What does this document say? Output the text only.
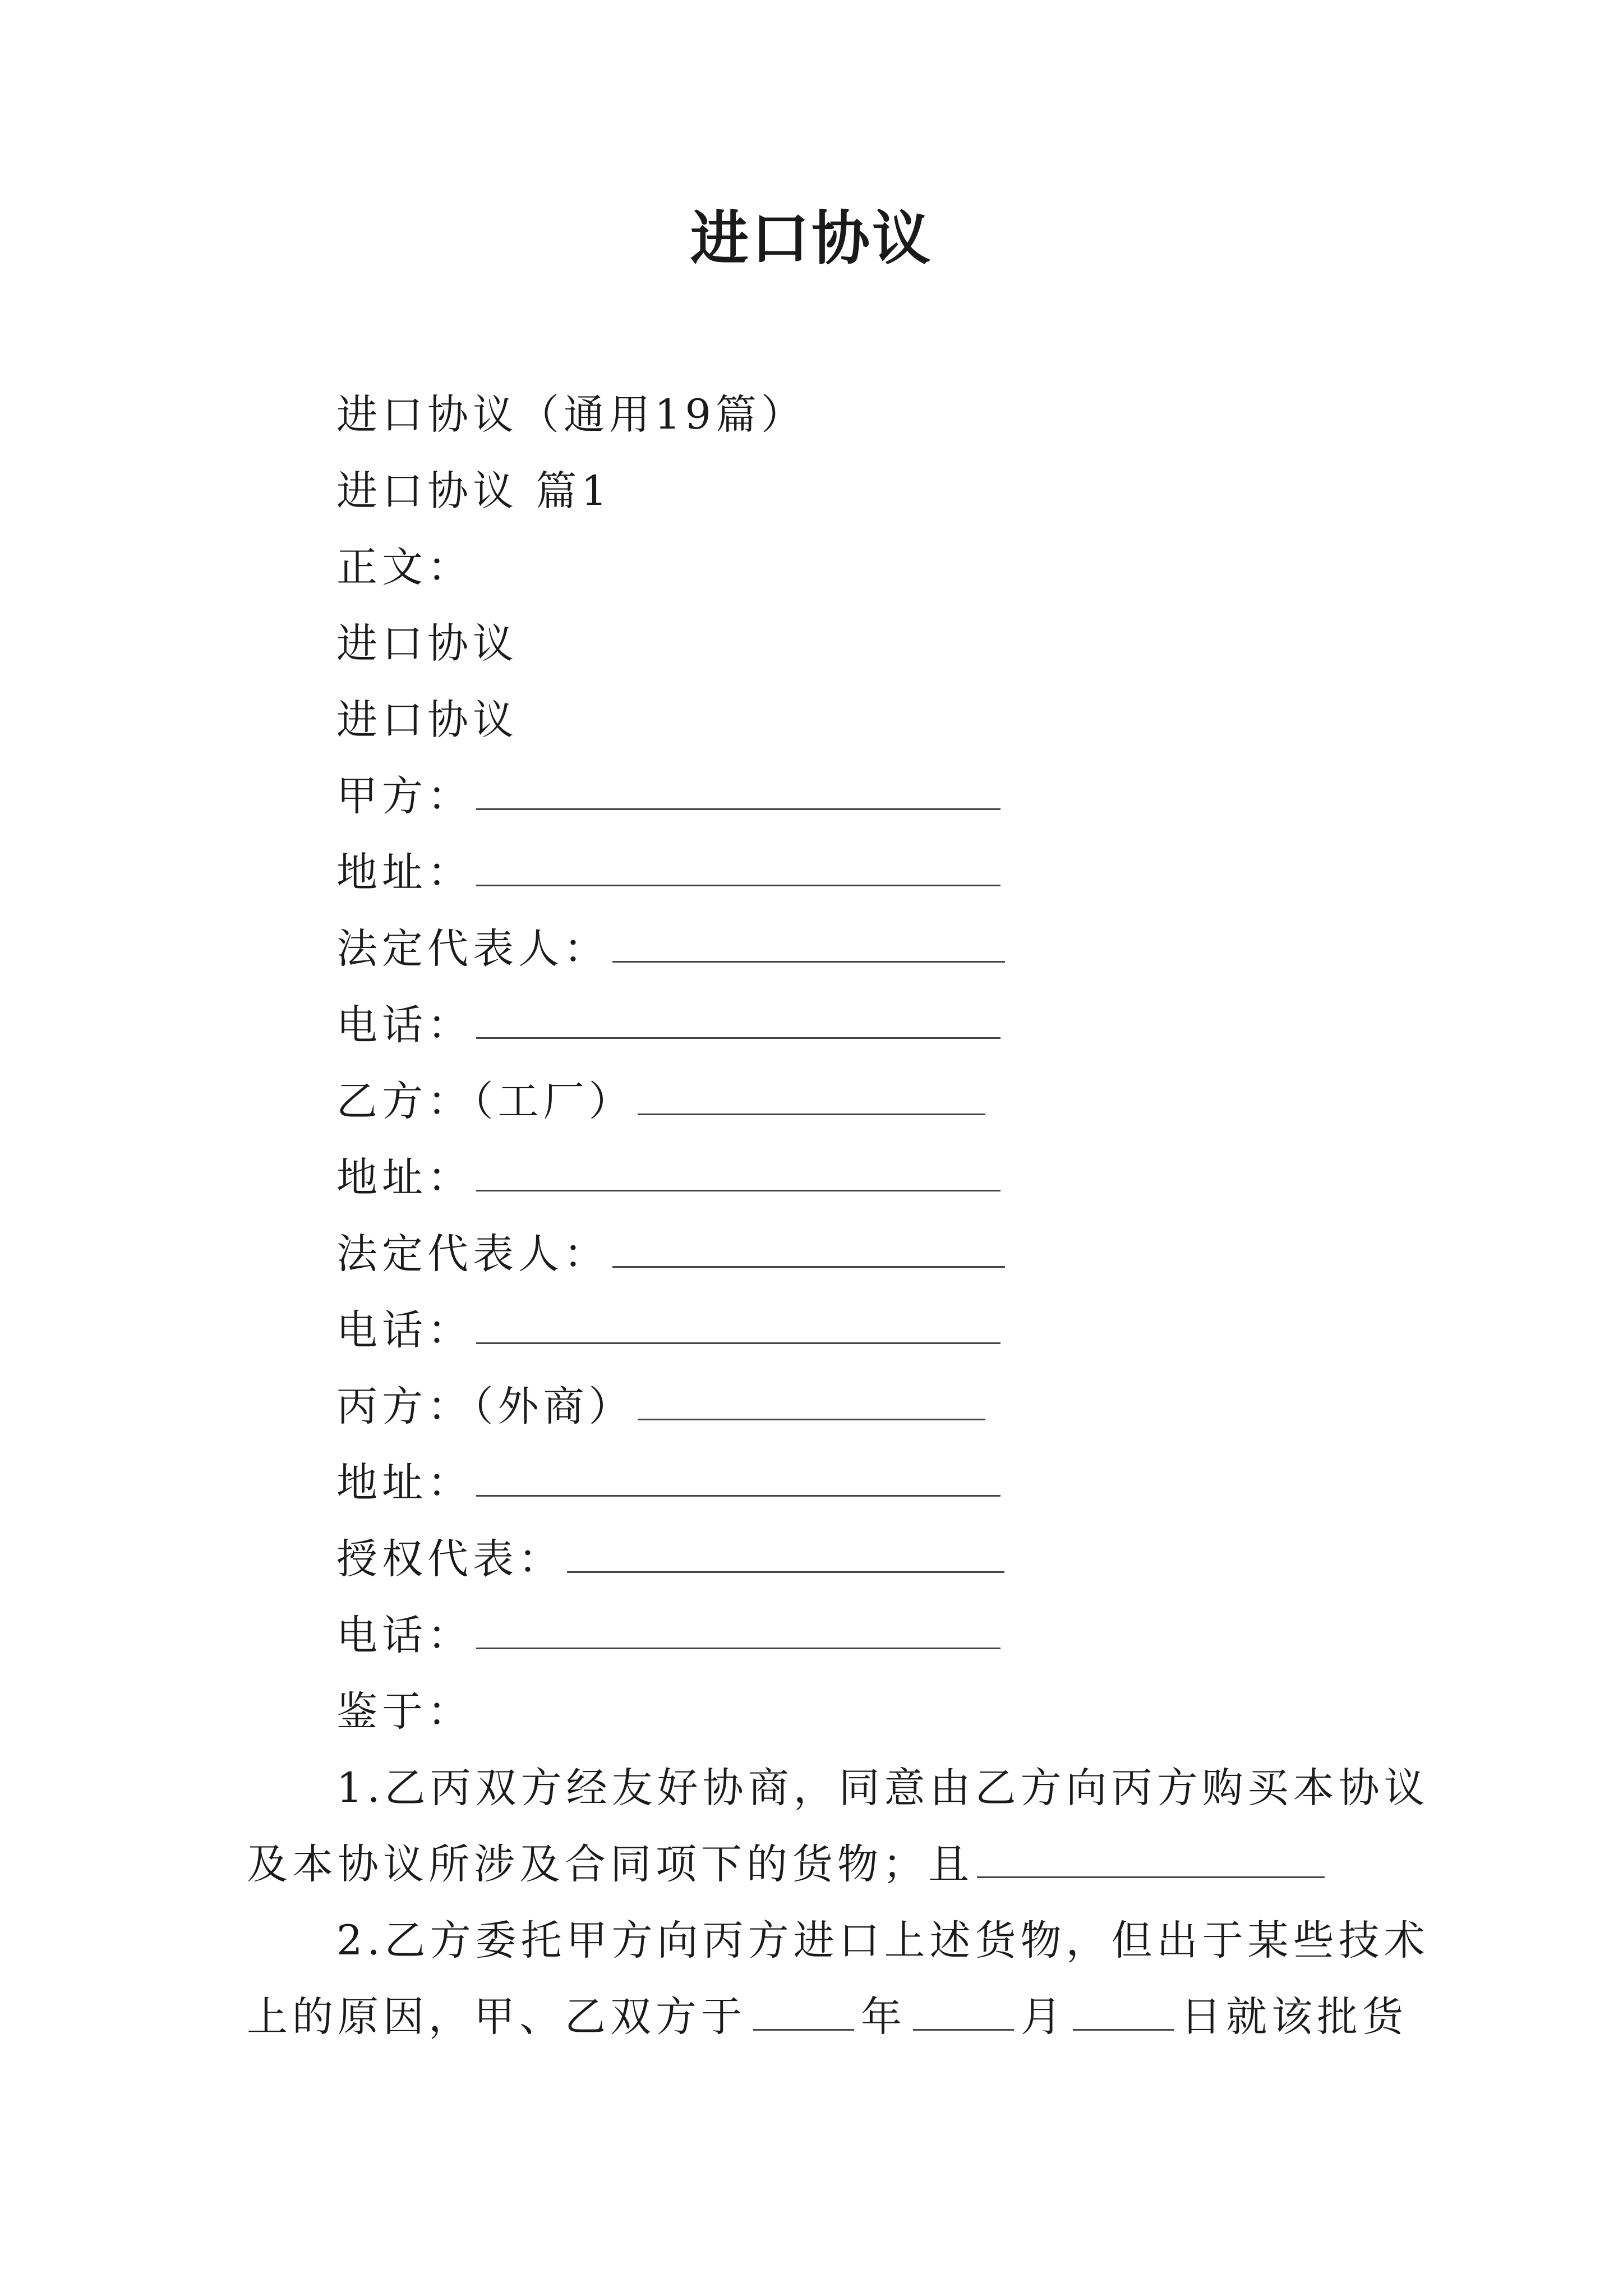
进口协议
进口协议（通用19篇）
进口协议 篇1
正文：
进口协议
进口协议
甲方：
地址：
法定代表人：
电话：
乙方：（工厂）
地址：
法定代表人：
电话：
丙方：（外商）
地址：
授权代表：
电话：
鉴于：
1.乙丙双方经友好协商，同意由乙方向丙方购买本协议
及本协议所涉及合同项下的货物；且
2.乙方委托甲方向丙方进口上述货物，但出于某些技术
上的原因，甲、乙双方于	年	月	日就该批货
